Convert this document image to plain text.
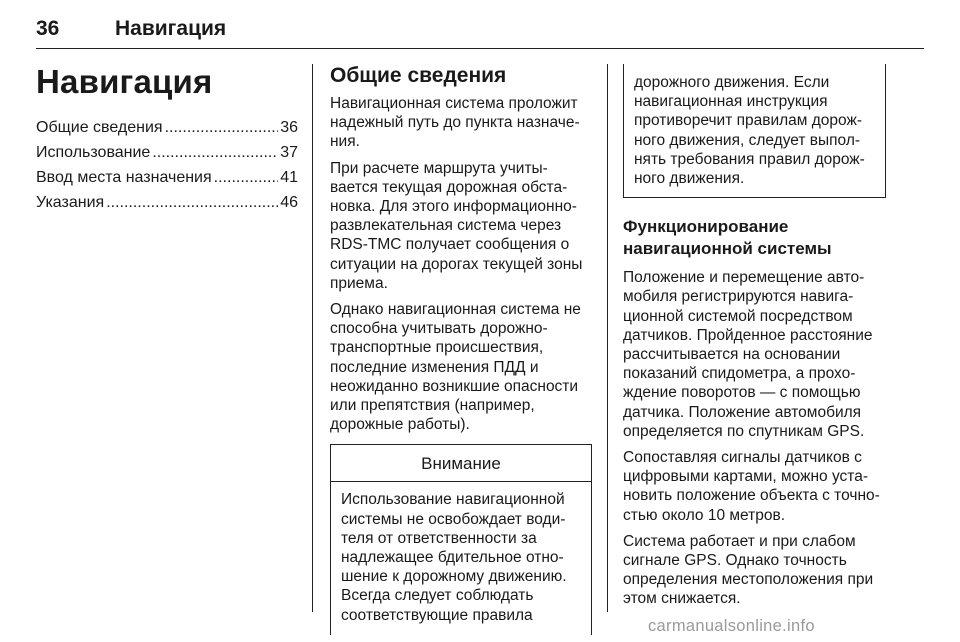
36	Навигация
Навигация
Общие сведения .....	36
Использование .....	37
Ввод места назначения .....	41
Указания .....	46
Общие сведения

Навигационная система проложит надежный путь до пункта назначе-ния.

При расчете маршрута учиты-вается текущая дорожная обста-новка. Для этого информационно-развлекательная система через RDS-TMC получает сообщения о ситуации на дорогах текущей зоны приема.

Однако навигационная система не способна учитывать дорожно-транспортные происшествия, последние изменения ПДД и неожиданно возникшие опасности или препятствия (например, дорожные работы).

Внимание
Использование навигационной системы не освобождает води-теля от ответственности за надлежащее бдительное отно-шение к дорожному движению. Всегда следует соблюдать соответствующие правила
дорожного движения. Если навигационная инструкция противоречит правилам дорож-ного движения, следует выпол-нять требования правил дорож-ного движения.
Функционирование навигационной системы

Положение и перемещение авто-мобиля регистрируются навига-ционной системой посредством датчиков. Пройденное расстояние рассчитывается на основании показаний спидометра, а прохо-ждение поворотов — с помощью датчика. Положение автомобиля определяется по спутникам GPS.

Сопоставляя сигналы датчиков с цифровыми картами, можно уста-новить положение объекта с точно-стью около 10 метров.

Система работает и при слабом сигнале GPS. Однако точность определения местоположения при этом снижается.

carmanualsonline.info
